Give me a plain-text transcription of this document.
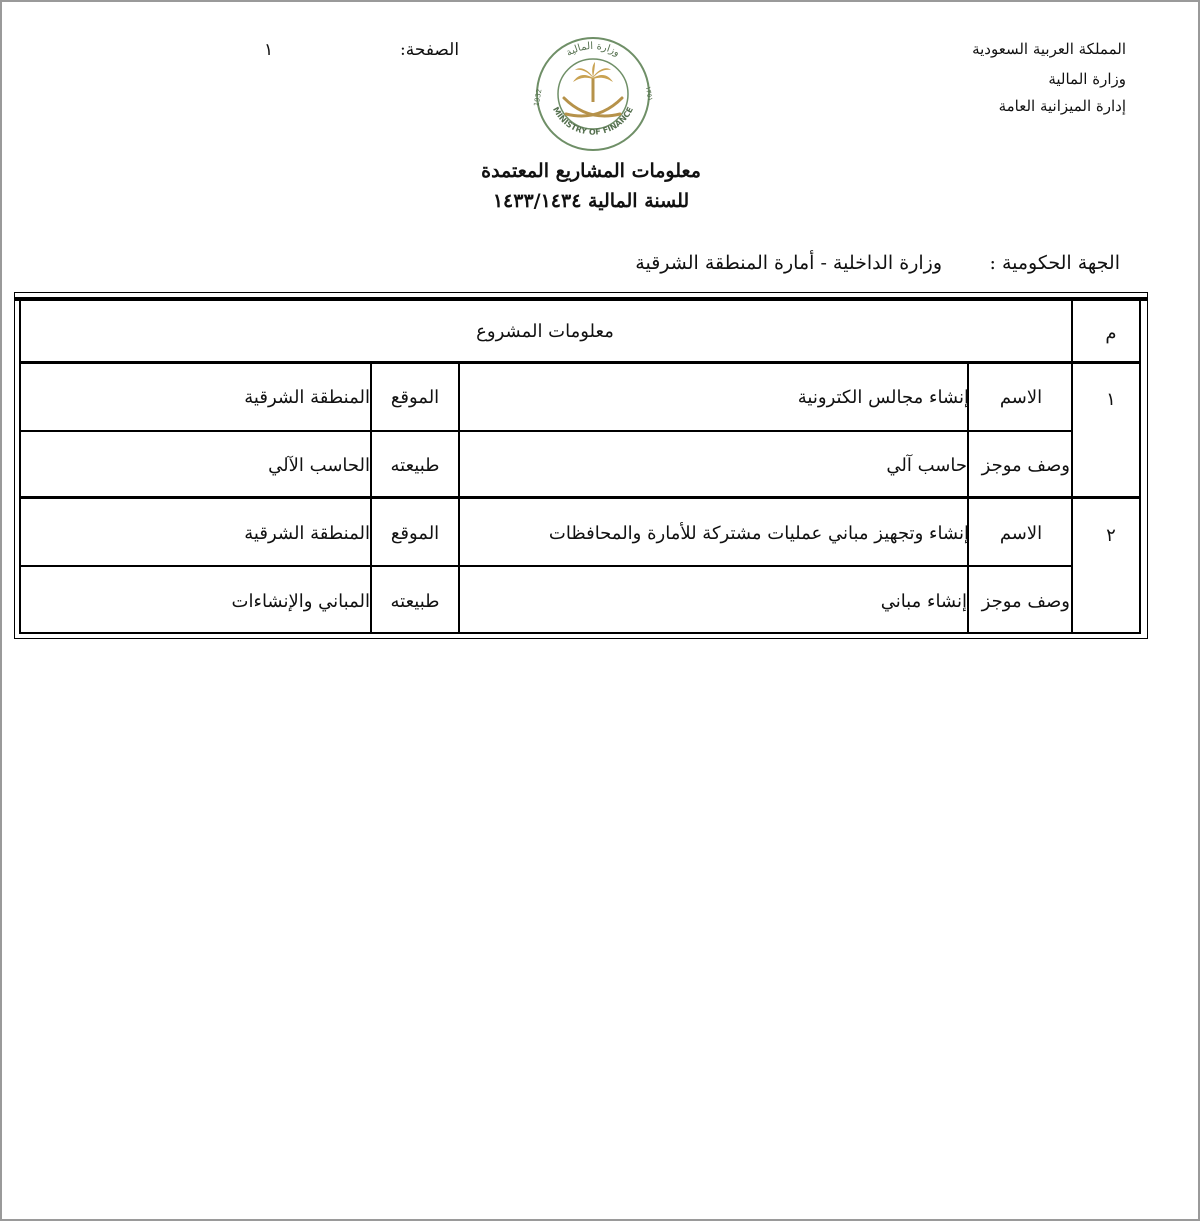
المملكة العربية السعودية
وزارة المالية
إدارة الميزانية العامة
الصفحة:
١	وزارة المالية
MINISTRY OF FINANCE
1932	١٣٥١
معلومات المشاريع المعتمدة
للسنة المالية ١٤٣٣/١٤٣٤
الجهة الحكومية :
وزارة الداخلية - أمارة المنطقة الشرقية
م
معلومات المشروع
١
الاسم
إنشاء مجالس الكترونية
الموقع
المنطقة الشرقية
وصف موجز
حاسب آلي
طبيعته
الحاسب الآلي
٢
الاسم
إنشاء وتجهيز مباني عمليات مشتركة للأمارة والمحافظات
الموقع
المنطقة الشرقية
وصف موجز
إنشاء مباني
طبيعته
المباني والإنشاءات
